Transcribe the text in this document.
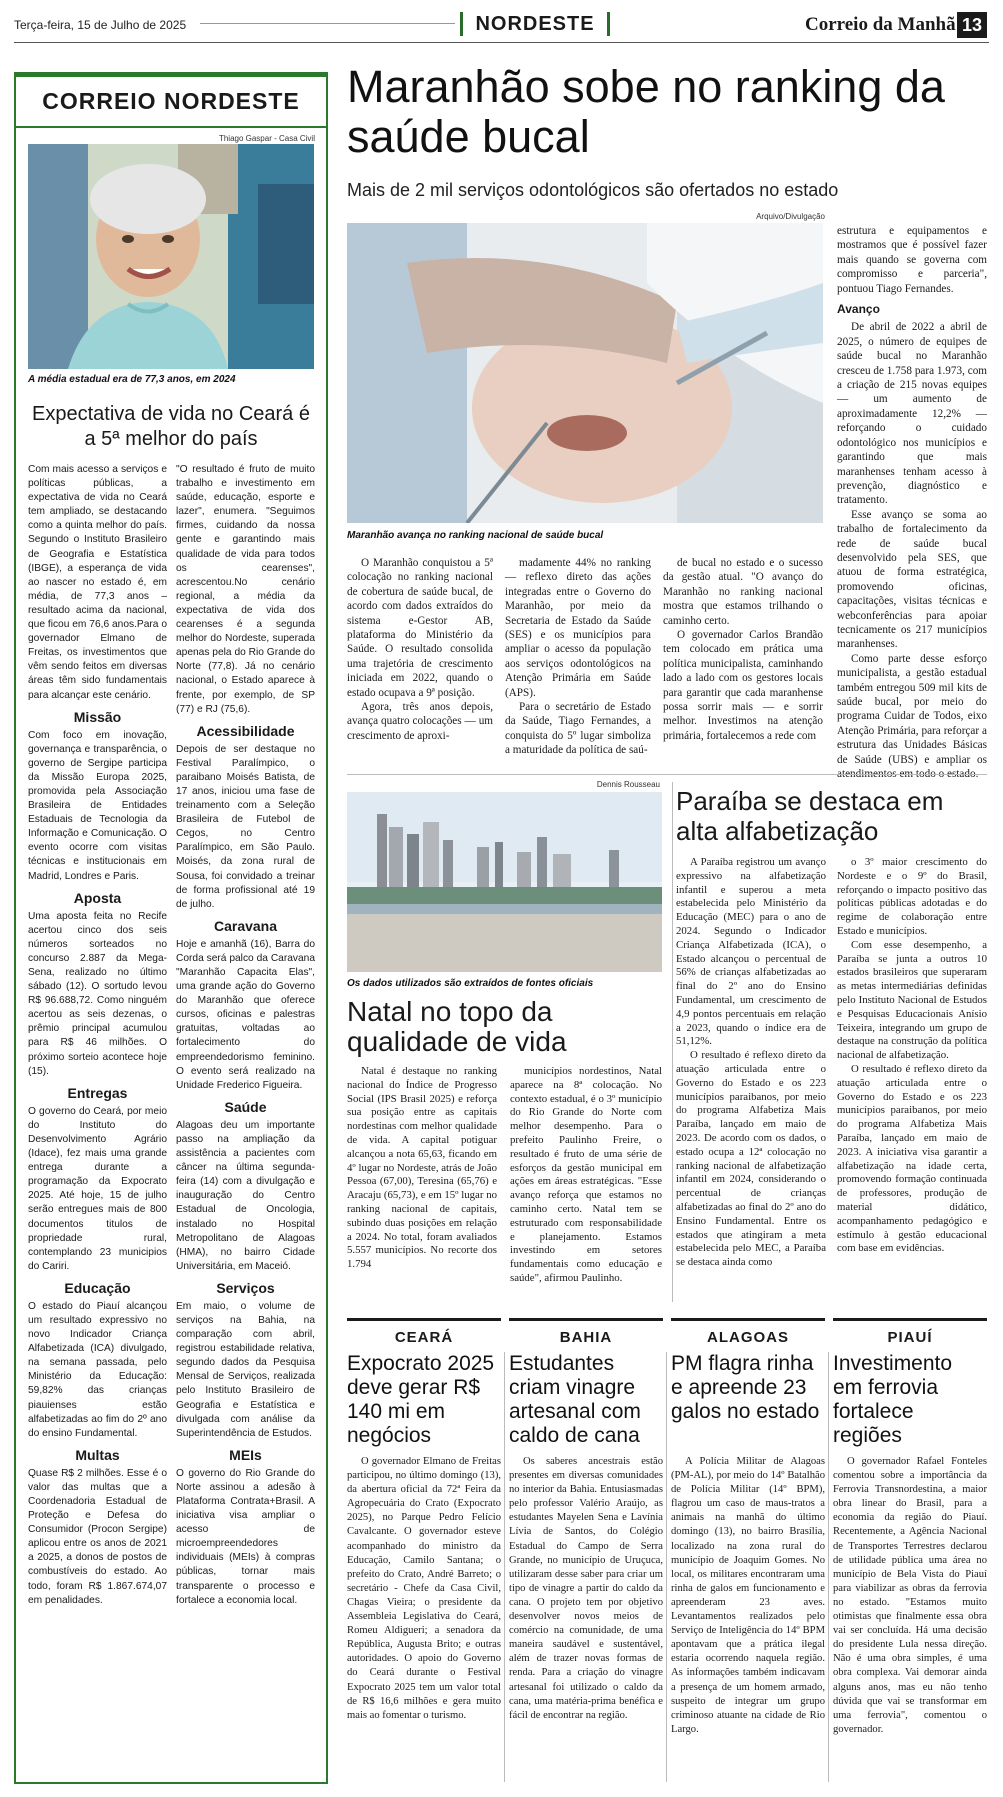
Terça-feira, 15 de Julho de 2025	NORDESTE	Correio da Manhã 13
CORREIO NORDESTE
Thiago Gaspar - Casa Civil
A média estadual era de 77,3 anos, em 2024
Expectativa de vida no Ceará é a 5ª melhor do país

Com mais acesso a serviços e políticas públicas, a expectativa de vida no Ceará tem ampliado, se destacando como a quinta melhor do país. Segundo o Instituto Brasileiro de Geografia e Estatística (IBGE), a esperança de vida ao nascer no estado é, em média, de 77,3 anos – resultado acima da nacional, que ficou em 76,6 anos.Para o governador Elmano de Freitas, os investimentos que vêm sendo feitos em diversas áreas têm sido fundamentais para alcançar este cenário.

Missão

Com foco em inovação, governança e transparência, o governo de Sergipe participa da Missão Europa 2025, promovida pela Associação Brasileira de Entidades Estaduais de Tecnologia da Informação e Comunicação. O evento ocorre com visitas técnicas e institucionais em Madrid, Londres e Paris.

Aposta

Uma aposta feita no Recife acertou cinco dos seis números sorteados no concurso 2.887 da Mega-Sena, realizado no último sábado (12). O sortudo levou R$ 96.688,72. Como ninguém acertou as seis dezenas, o prêmio principal acumulou para R$ 46 milhões. O próximo sorteio acontece hoje (15).

Entregas

O governo do Ceará, por meio do Instituto do Desenvolvimento Agrário (Idace), fez mais uma grande entrega durante a programação da Expocrato 2025. Até hoje, 15 de julho serão entregues mais de 800 documentos titulos de propriedade rural, contemplando 23 municipios do Cariri.

Educação

O estado do Piauí alcançou um resultado expressivo no novo Indicador Criança Alfabetizada (ICA) divulgado, na semana passada, pelo Ministério da Educação: 59,82% das crianças piauienses estão alfabetizadas ao fim do 2º ano do ensino Fundamental.

Multas

Quase R$ 2 milhões. Esse é o valor das multas que a Coordenadoria Estadual de Proteção e Defesa do Consumidor (Procon Sergipe) aplicou entre os anos de 2021 a 2025, a donos de postos de combustíveis do estado. Ao todo, foram R$ 1.867.674,07 em penalidades.

"O resultado é fruto de muito trabalho e investimento em saúde, educação, esporte e lazer", enumera. "Seguimos firmes, cuidando da nossa gente e garantindo mais qualidade de vida para todos os cearenses", acrescentou.No cenário regional, a média da expectativa de vida dos cearenses é a segunda melhor do Nordeste, superada apenas pela do Rio Grande do Norte (77,8). Já no cenário nacional, o Estado aparece à frente, por exemplo, de SP (77) e RJ (75,6).

Acessibilidade

Depois de ser destaque no Festival Paralímpico, o paraibano Moisés Batista, de 17 anos, iniciou uma fase de treinamento com a Seleção Brasileira de Futebol de Cegos, no Centro Paralímpico, em São Paulo. Moisés, da zona rural de Sousa, foi convidado a treinar de forma profissional até 19 de julho.

Caravana

Hoje e amanhã (16), Barra do Corda será palco da Caravana "Maranhão Capacita Elas", uma grande ação do Governo do Maranhão que oferece cursos, oficinas e palestras gratuitas, voltadas ao fortalecimento do empreendedorismo feminino. O evento será realizado na Unidade Frederico Figueira.

Saúde

Alagoas deu um importante passo na ampliação da assistência a pacientes com câncer na última segunda-feira (14) com a divulgação e inauguração do Centro Estadual de Oncologia, instalado no Hospital Metropolitano de Alagoas (HMA), no bairro Cidade Universitária, em Maceió.

Serviços

Em maio, o volume de serviços na Bahia, na comparação com abril, registrou estabilidade relativa, segundo dados da Pesquisa Mensal de Serviços, realizada pelo Instituto Brasileiro de Geografia e Estatística e divulgada com análise da Superintendência de Estudos.

MEIs

O governo do Rio Grande do Norte assinou a adesão à Plataforma Contrata+Brasil. A iniciativa visa ampliar o acesso de microempreendedores individuais (MEIs) à compras públicas, tornar mais transparente o processo e fortalece a economia local.

Maranhão sobe no ranking da saúde bucal
Mais de 2 mil serviços odontológicos são ofertados no estado
Arquivo/Divulgação
Maranhão avança no ranking nacional de saúde bucal

O Maranhão conquistou a 5ª colocação no ranking nacional de cobertura de saúde bucal, de acordo com dados extraídos do sistema e-Gestor AB, plataforma do Ministério da Saúde. O resultado consolida uma trajetória de crescimento iniciada em 2022, quando o estado ocupava a 9ª posição.

Agora, três anos depois, avança quatro colocações — um crescimento de aproxi-

madamente 44% no ranking — reflexo direto das ações integradas entre o Governo do Maranhão, por meio da Secretaria de Estado da Saúde (SES) e os municípios para ampliar o acesso da população aos serviços odontológicos na Atenção Primária em Saúde (APS).

Para o secretário de Estado da Saúde, Tiago Fernandes, a conquista do 5º lugar simboliza a maturidade da política de saú-

de bucal no estado e o sucesso da gestão atual. "O avanço do Maranhão no ranking nacional mostra que estamos trilhando o caminho certo.

O governador Carlos Brandão tem colocado em prática uma política municipalista, caminhando lado a lado com os gestores locais para garantir que cada maranhense possa sorrir mais — e sorrir melhor. Investimos na atenção primária, fortalecemos a rede com

estrutura e equipamentos e mostramos que é possível fazer mais quando se governa com compromisso e parceria", pontuou Tiago Fernandes.

Avanço

De abril de 2022 a abril de 2025, o número de equipes de saúde bucal no Maranhão cresceu de 1.758 para 1.973, com a criação de 215 novas equipes — um aumento de aproximadamente 12,2% — reforçando o cuidado odontológico nos municípios e garantindo que mais maranhenses tenham acesso à prevenção, diagnóstico e tratamento.

Esse avanço se soma ao trabalho de fortalecimento da rede de saúde bucal desenvolvido pela SES, que atuou de forma estratégica, promovendo oficinas, capacitações, visitas técnicas e webconferências para apoiar tecnicamente os 217 municípios maranhenses.

Como parte desse esforço municipalista, a gestão estadual também entregou 509 mil kits de saúde bucal, por meio do programa Cuidar de Todos, eixo Atenção Primária, para reforçar a estrutura das Unidades Básicas de Saúde (UBS) e ampliar os atendimentos em todo o estado.

Dennis Rousseau
Os dados utilizados são extraídos de fontes oficiais
Natal no topo da qualidade de vida

Natal é destaque no ranking nacional do Índice de Progresso Social (IPS Brasil 2025) e reforça sua posição entre as capitais nordestinas com melhor qualidade de vida. A capital potiguar alcançou a nota 65,63, ficando em 4º lugar no Nordeste, atrás de João Pessoa (67,00), Teresina (65,76) e Aracaju (65,73), e em 15º lugar no ranking nacional de capitais, subindo duas posições em relação a 2024. No total, foram avaliados 5.557 municípios. No recorte dos 1.794

municípios nordestinos, Natal aparece na 8ª colocação. No contexto estadual, é o 3º município do Rio Grande do Norte com melhor desempenho. Para o prefeito Paulinho Freire, o resultado é fruto de uma série de esforços da gestão municipal em ações em áreas estratégicas. "Esse avanço reforça que estamos no caminho certo. Natal tem se estruturado com responsabilidade e planejamento. Estamos investindo em setores fundamentais como educação e saúde", afirmou Paulinho.

Paraíba se destaca em alta alfabetização

A Paraíba registrou um avanço expressivo na alfabetização infantil e superou a meta estabelecida pelo Ministério da Educação (MEC) para o ano de 2024. Segundo o Indicador Criança Alfabetizada (ICA), o Estado alcançou o percentual de 56% de crianças alfabetizadas ao final do 2º ano do Ensino Fundamental, um crescimento de 4,9 pontos percentuais em relação a 2023, quando o índice era de 51,12%.

O resultado é reflexo direto da atuação articulada entre o Governo do Estado e os 223 municípios paraibanos, por meio do programa Alfabetiza Mais Paraíba, lançado em maio de 2023. De acordo com os dados, o estado ocupa a 12ª colocação no ranking nacional de alfabetização infantil em 2024, considerando o percentual de crianças alfabetizadas ao final do 2º ano do Ensino Fundamental. Entre os estados que atingiram a meta estabelecida pelo MEC, a Paraíba se destaca ainda como

o 3º maior crescimento do Nordeste e o 9º do Brasil, reforçando o impacto positivo das políticas públicas adotadas e do regime de colaboração entre Estado e municípios.

Com esse desempenho, a Paraíba se junta a outros 10 estados brasileiros que superaram as metas intermediárias definidas pelo Instituto Nacional de Estudos e Pesquisas Educacionais Anísio Teixeira, integrando um grupo de destaque na construção da política nacional de alfabetização.

O resultado é reflexo direto da atuação articulada entre o Governo do Estado e os 223 municípios paraibanos, por meio do programa Alfabetiza Mais Paraíba, lançado em maio de 2023. A iniciativa visa garantir a alfabetização na idade certa, promovendo formação continuada de professores, produção de material didático, acompanhamento pedagógico e estímulo à gestão educacional com base em evidências.

CEARÁ
Expocrato 2025 deve gerar R$ 140 mi em negócios

O governador Elmano de Freitas participou, no último domingo (13), da abertura oficial da 72ª Feira da Agropecuária do Crato (Expocrato 2025), no Parque Pedro Felício Cavalcante. O governador esteve acompanhado do ministro da Educação, Camilo Santana; o prefeito do Crato, André Barreto; o secretário - Chefe da Casa Civil, Chagas Vieira; o presidente da Assembleia Legislativa do Ceará, Romeu Aldigueri; a senadora da República, Augusta Brito; e outras autoridades. O apoio do Governo do Ceará durante o Festival Expocrato 2025 tem um valor total de R$ 16,6 milhões e gera muito mais ao fomentar o turismo.

BAHIA
Estudantes criam vinagre artesanal com caldo de cana

Os saberes ancestrais estão presentes em diversas comunidades no interior da Bahia. Entusiasmadas pelo professor Valério Araújo, as estudantes Mayelen Sena e Lavínia Lívia de Santos, do Colégio Estadual do Campo de Serra Grande, no município de Uruçuca, utilizaram desse saber para criar um tipo de vinagre a partir do caldo da cana. O projeto tem por objetivo desenvolver novos meios de comércio na comunidade, de uma maneira saudável e sustentável, além de trazer novas formas de renda. Para a criação do vinagre artesanal foi utilizado o caldo da cana, uma matéria-prima benéfica e fácil de encontrar na região.

ALAGOAS
PM flagra rinha e apreende 23 galos no estado

A Polícia Militar de Alagoas (PM-AL), por meio do 14º Batalhão de Polícia Militar (14º BPM), flagrou um caso de maus-tratos a animais na manhã do último domingo (13), no bairro Brasília, localizado na zona rural do município de Joaquim Gomes. No local, os militares encontraram uma rinha de galos em funcionamento e apreenderam 23 aves. Levantamentos realizados pelo Serviço de Inteligência do 14º BPM apontavam que a prática ilegal estaria ocorrendo naquela região. As informações também indicavam a presença de um homem armado, suspeito de integrar um grupo criminoso atuante na cidade de Rio Largo.

PIAUÍ
Investimento em ferrovia fortalece regiões

O governador Rafael Fonteles comentou sobre a importância da Ferrovia Transnordestina, a maior obra linear do Brasil, para a economia da região do Piauí. Recentemente, a Agência Nacional de Transportes Terrestres declarou de utilidade pública uma área no município de Bela Vista do Piauí para viabilizar as obras da ferrovia no estado. "Estamos muito otimistas que finalmente essa obra vai ser concluída. Há uma decisão do presidente Lula nessa direção. Não é uma obra simples, é uma obra complexa. Vai demorar ainda alguns anos, mas eu não tenho dúvida que vai se transformar em uma ferrovia", comentou o governador.
